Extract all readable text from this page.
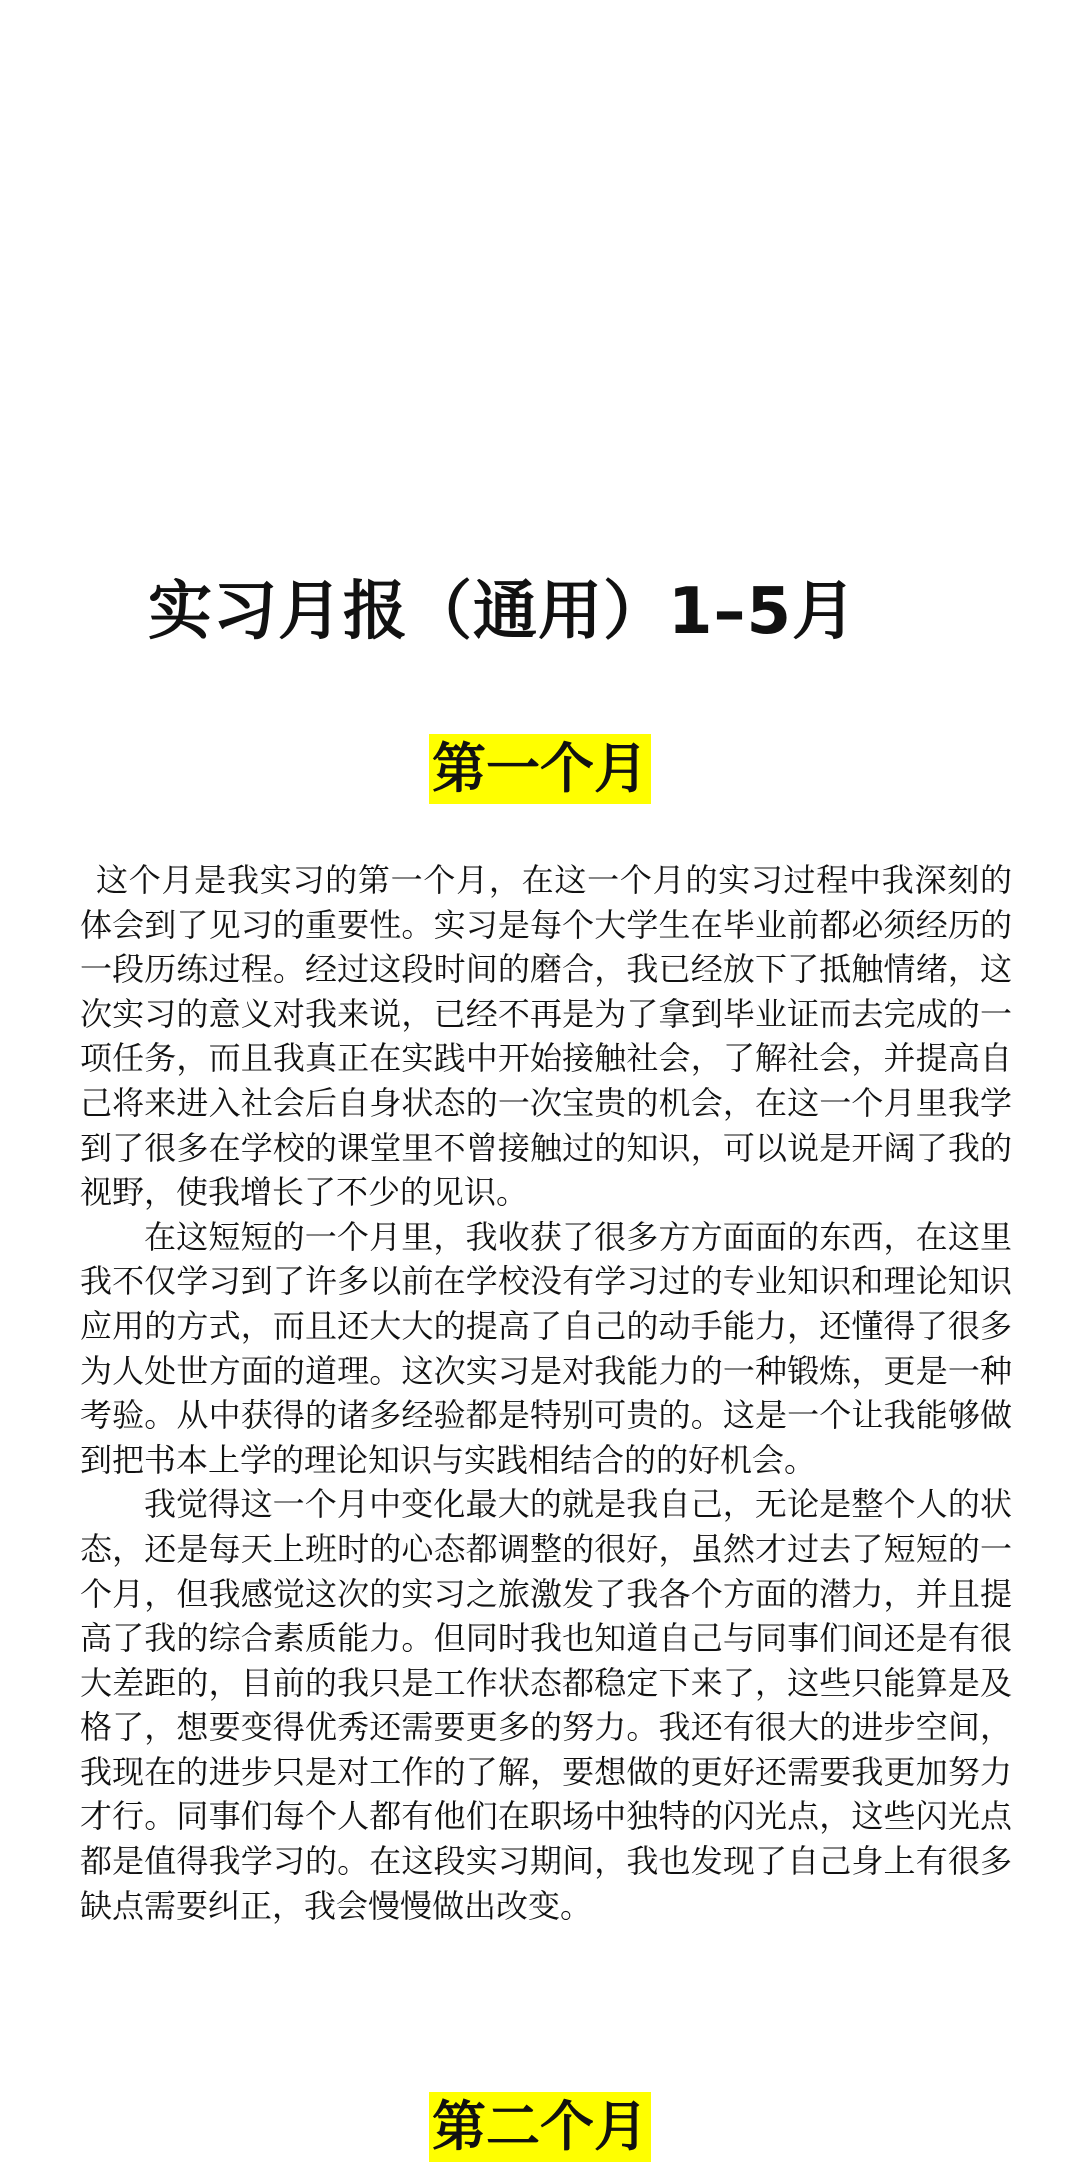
实习月报（通用）1–5月
第一个月

这个月是我实习的第一个月，在这一个月的实习过程中我深刻的体会到了见习的重要性。实习是每个大学生在毕业前都必须经历的一段历练过程。经过这段时间的磨合，我已经放下了抵触情绪，这次实习的意义对我来说，已经不再是为了拿到毕业证而去完成的一项任务，而且我真正在实践中开始接触社会，了解社会，并提高自己将来进入社会后自身状态的一次宝贵的机会，在这一个月里我学到了很多在学校的课堂里不曾接触过的知识，可以说是开阔了我的视野，使我增长了不少的见识。

在这短短的一个月里，我收获了很多方方面面的东西，在这里我不仅学习到了许多以前在学校没有学习过的专业知识和理论知识应用的方式，而且还大大的提高了自己的动手能力，还懂得了很多为人处世方面的道理。这次实习是对我能力的一种锻炼，更是一种考验。从中获得的诸多经验都是特别可贵的。这是一个让我能够做到把书本上学的理论知识与实践相结合的的好机会。

我觉得这一个月中变化最大的就是我自己，无论是整个人的状态，还是每天上班时的心态都调整的很好，虽然才过去了短短的一个月，但我感觉这次的实习之旅激发了我各个方面的潜力，并且提高了我的综合素质能力。但同时我也知道自己与同事们间还是有很大差距的，目前的我只是工作状态都稳定下来了，这些只能算是及格了，想要变得优秀还需要更多的努力。我还有很大的进步空间，我现在的进步只是对工作的了解，要想做的更好还需要我更加努力才行。同事们每个人都有他们在职场中独特的闪光点，这些闪光点都是值得我学习的。在这段实习期间，我也发现了自己身上有很多缺点需要纠正，我会慢慢做出改变。

第二个月
